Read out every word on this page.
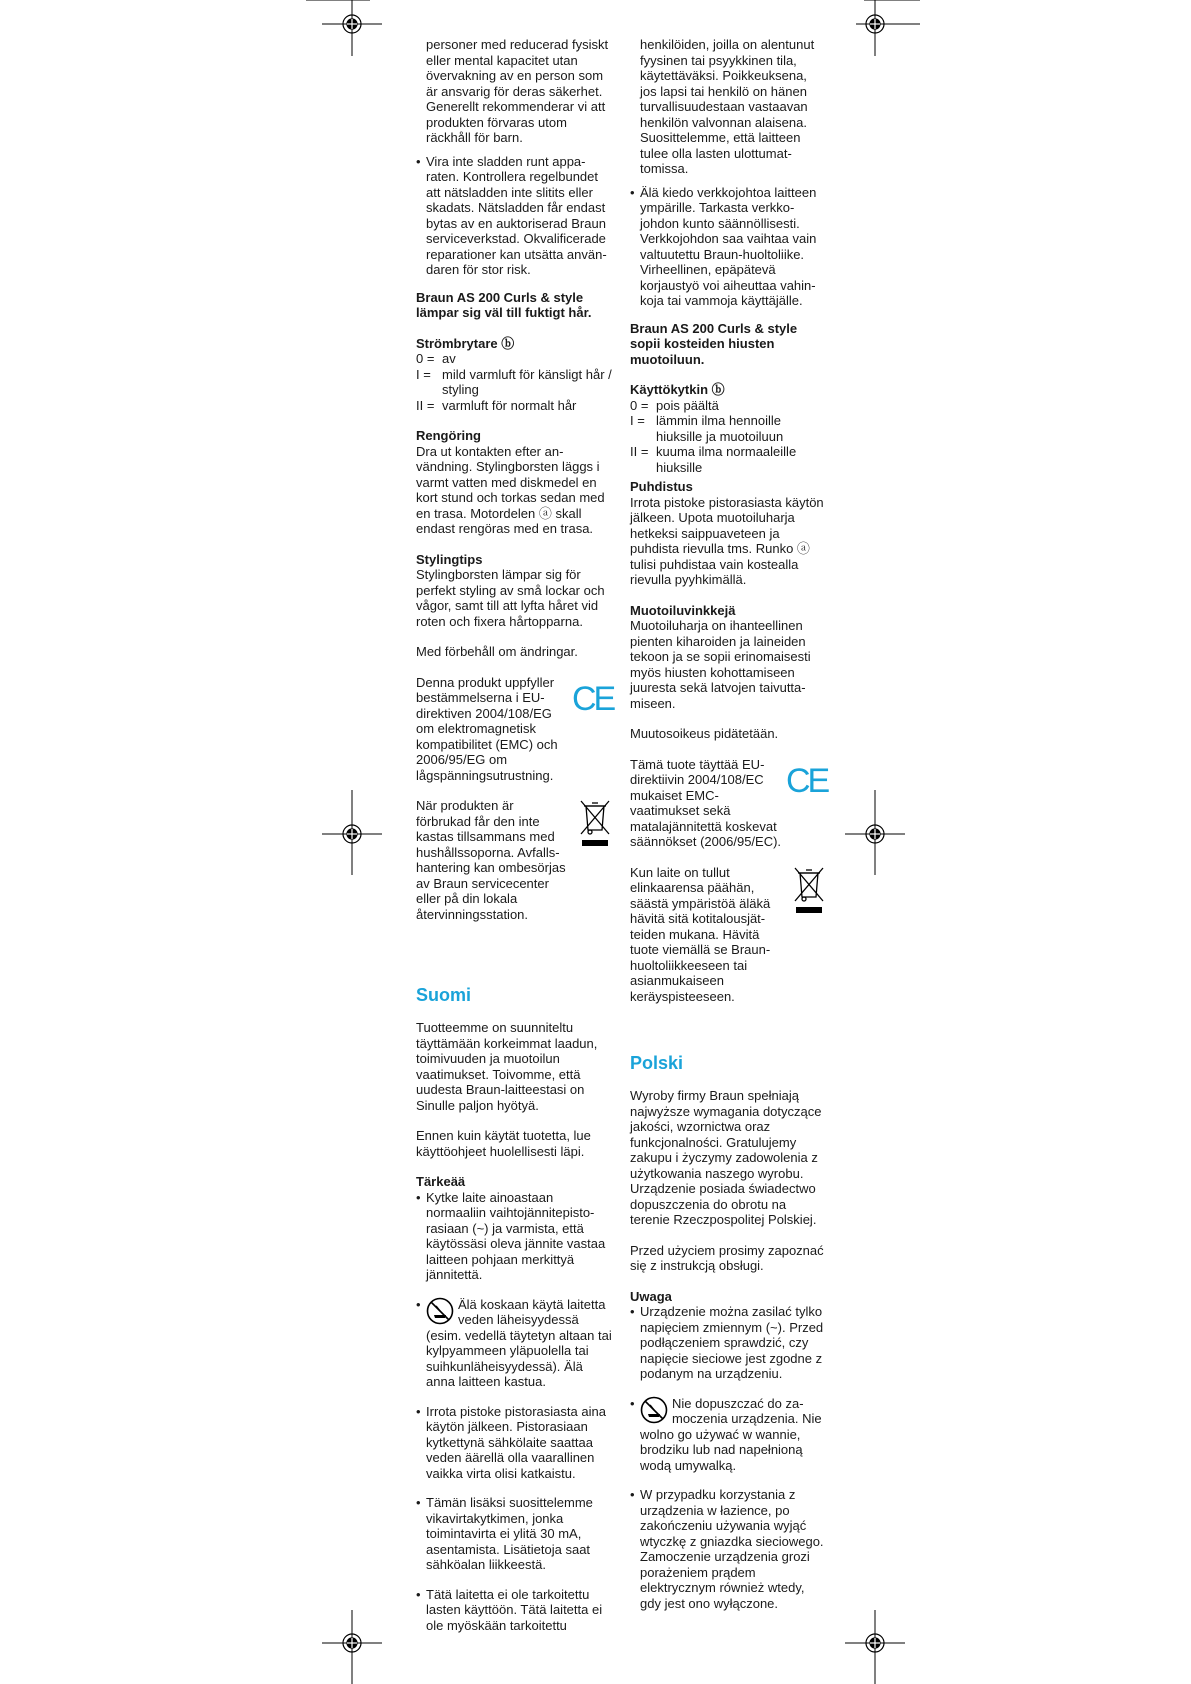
personer med reducerad fysiskt eller mental kapacitet utan övervakning av en person som är ansvarig för deras säkerhet. Generellt rekommenderar vi att produkten förvaras utom räckhåll för barn.

• Vira inte sladden runt apparaten. Kontrollera regelbundet att nätsladden inte slitits eller skadats. Nätsladden får endast bytas av en auktoriserad Braun serviceverkstad. Okvalificerade reparationer kan utsätta användaren för stor risk.

Braun AS 200 Curls & style lämpar sig väl till fuktigt hår.

Strömbrytare ⓑ

0 = av
I = mild varmluft för känsligt hår / styling
II = varmluft för normalt hår

Rengöring

Dra ut kontakten efter användning. Stylingborsten läggs i varmt vatten med diskmedel en kort stund och torkas sedan med en trasa. Motordelen ⓐ skall endast rengöras med en trasa.

Stylingtips

Stylingborsten lämpar sig för perfekt styling av små lockar och vågor, samt till att lyfta håret vid roten och fixera hårtopparna.

Med förbehåll om ändringar.

Denna produkt uppfyller bestämmelserna i EU-direktiven 2004/108/EG om elektromagnetisk kompatibilitet (EMC) och 2006/95/EG om lågspänningsutrustning.

CE

När produkten är förbrukad får den inte kastas tillsammans med hushållssoporna. Avfallshantering kan ombesörjas av Braun servicecenter eller på din lokala återvinningsstation.

Suomi

Tuotteemme on suunniteltu täyttämään korkeimmat laadun, toimivuuden ja muotoilun vaatimukset. Toivomme, että uudesta Braun-laitteestasi on Sinulle paljon hyötyä.

Ennen kuin käytät tuotetta, lue käyttöohjeet huolellisesti läpi.

Tärkeää

• Kytke laite ainoastaan normaaliin vaihtojännitepistorasiaan (~) ja varmista, että käytössäsi oleva jännite vastaa laitteen pohjaan merkittyä jännitettä.

• Älä koskaan käytä laitetta veden läheisyydessä (esim. vedellä täytetyn altaan tai kylpyammeen yläpuolella tai suihkunläheisyydessä). Älä anna laitteen kastua.

• Irrota pistoke pistorasiasta aina käytön jälkeen. Pistorasiaan kytkettynä sähkölaite saattaa veden äärellä olla vaarallinen vaikka virta olisi katkaistu.

• Tämän lisäksi suosittelemme vikavirtakytkimen, jonka toimintavirta ei ylitä 30 mA, asentamista. Lisätietoja saat sähköalan liikkeestä.

• Tätä laitetta ei ole tarkoitettu lasten käyttöön. Tätä laitetta ei ole myöskään tarkoitettu

henkilöiden, joilla on alentunut fyysinen tai psyykkinen tila, käytettäväksi. Poikkeuksena, jos lapsi tai henkilö on hänen turvallisuudestaan vastaavan henkilön valvonnan alaisena. Suosittelemme, että laitteen tulee olla lasten ulottumattomissa.

• Älä kiedo verkkojohtoa laitteen ympärille. Tarkasta verkkojohdon kunto säännöllisesti. Verkkojohdon saa vaihtaa vain valtuutettu Braun-huoltoliike. Virheellinen, epäpätevä korjaustyö voi aiheuttaa vahinkoja tai vammoja käyttäjälle.

Braun AS 200 Curls & style sopii kosteiden hiusten muotoiluun.

Käyttökytkin ⓑ

0 = pois päältä
I = lämmin ilma hennoille hiuksille ja muotoiluun
II = kuuma ilma normaaleille hiuksille

Puhdistus

Irrota pistoke pistorasiasta käytön jälkeen. Upota muotoiluharja hetkeksi saippuaveteen ja puhdista rievulla tms. Runko ⓐ tulisi puhdistaa vain kostealla rievulla pyyhkimällä.

Muotoiluvinkkejä

Muotoiluharja on ihanteellinen pienten kiharoiden ja laineiden tekoon ja se sopii erinomaisesti myös hiusten kohottamiseen juuresta sekä latvojen taivuttamiseen.

Muutosoikeus pidätetään.

Tämä tuote täyttää EU-direktiivin 2004/108/EC mukaiset EMC-vaatimukset sekä matalajännitettä koskevat säännökset (2006/95/EC).

CE

Kun laite on tullut elinkaarensa päähän, säästä ympäristöä äläkä hävitä sitä kotitalousjätteiden mukana. Hävitä tuote viemällä se Braun-huoltoliikkeeseen tai asianmukaiseen keräyspisteeseen.

Polski

Wyroby firmy Braun spełniają najwyższe wymagania dotyczące jakości, wzornictwa oraz funkcjonalności. Gratulujemy zakupu i życzymy zadowolenia z użytkowania naszego wyrobu. Urządzenie posiada świadectwo dopuszczenia do obrotu na terenie Rzeczpospolitej Polskiej.

Przed użyciem prosimy zapoznać się z instrukcją obsługi.

Uwaga

• Urządzenie można zasilać tylko napięciem zmiennym (~). Przed podłączeniem sprawdzić, czy napięcie sieciowe jest zgodne z podanym na urządzeniu.

• Nie dopuszczać do zamoczenia urządzenia. Nie wolno go używać w wannie, brodziku lub nad napełnioną wodą umywalką.

• W przypadku korzystania z urządzenia w łazience, po zakończeniu używania wyjąć wtyczkę z gniazdka sieciowego. Zamoczenie urządzenia grozi porażeniem prądem elektrycznym również wtedy, gdy jest ono wyłączone.
